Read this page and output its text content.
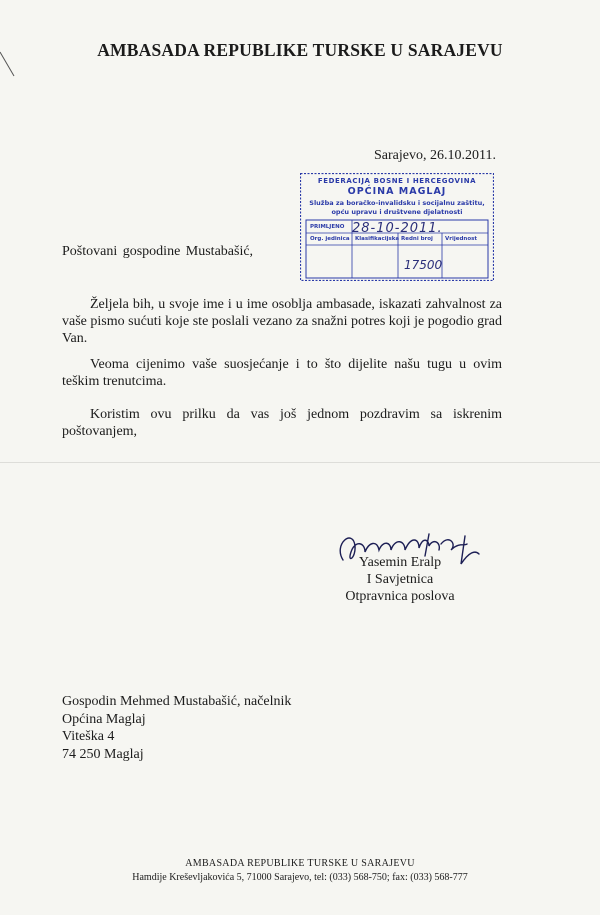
AMBASADA REPUBLIKE TURSKE U SARAJEVU
Sarajevo, 26.10.2011.
FEDERACIJA BOSNE I HERCEGOVINA
OPĆINA MAGLAJ
Služba za boračko-invalidsku i socijalnu zaštitu,
opću upravu i društvene djelatnosti
PRIMLJENO
Org. jedinica Klasifikacijska Redni broj Vrijednost
28-10-2011.
17500
Poštovani gospodine Mustabašić,
Željela bih, u svoje ime i u ime osoblja ambasade, iskazati zahvalnost za vaše pismo sućuti koje ste poslali vezano za snažni potres koji je pogodio grad Van.
Veoma cijenimo vaše suosjećanje i to što dijelite našu tugu u ovim teškim trenutcima.
Koristim ovu prilku da vas još jednom pozdravim sa iskrenim poštovanjem,
Yasemin Eralp
I Savjetnica
Otpravnica poslova
Gospodin Mehmed Mustabašić, načelnik
Općina Maglaj
Viteška 4
74 250 Maglaj
AMBASADA REPUBLIKE TURSKE U SARAJEVU
Hamdije Kreševljakovića 5, 71000 Sarajevo, tel: (033) 568-750; fax: (033) 568-777
